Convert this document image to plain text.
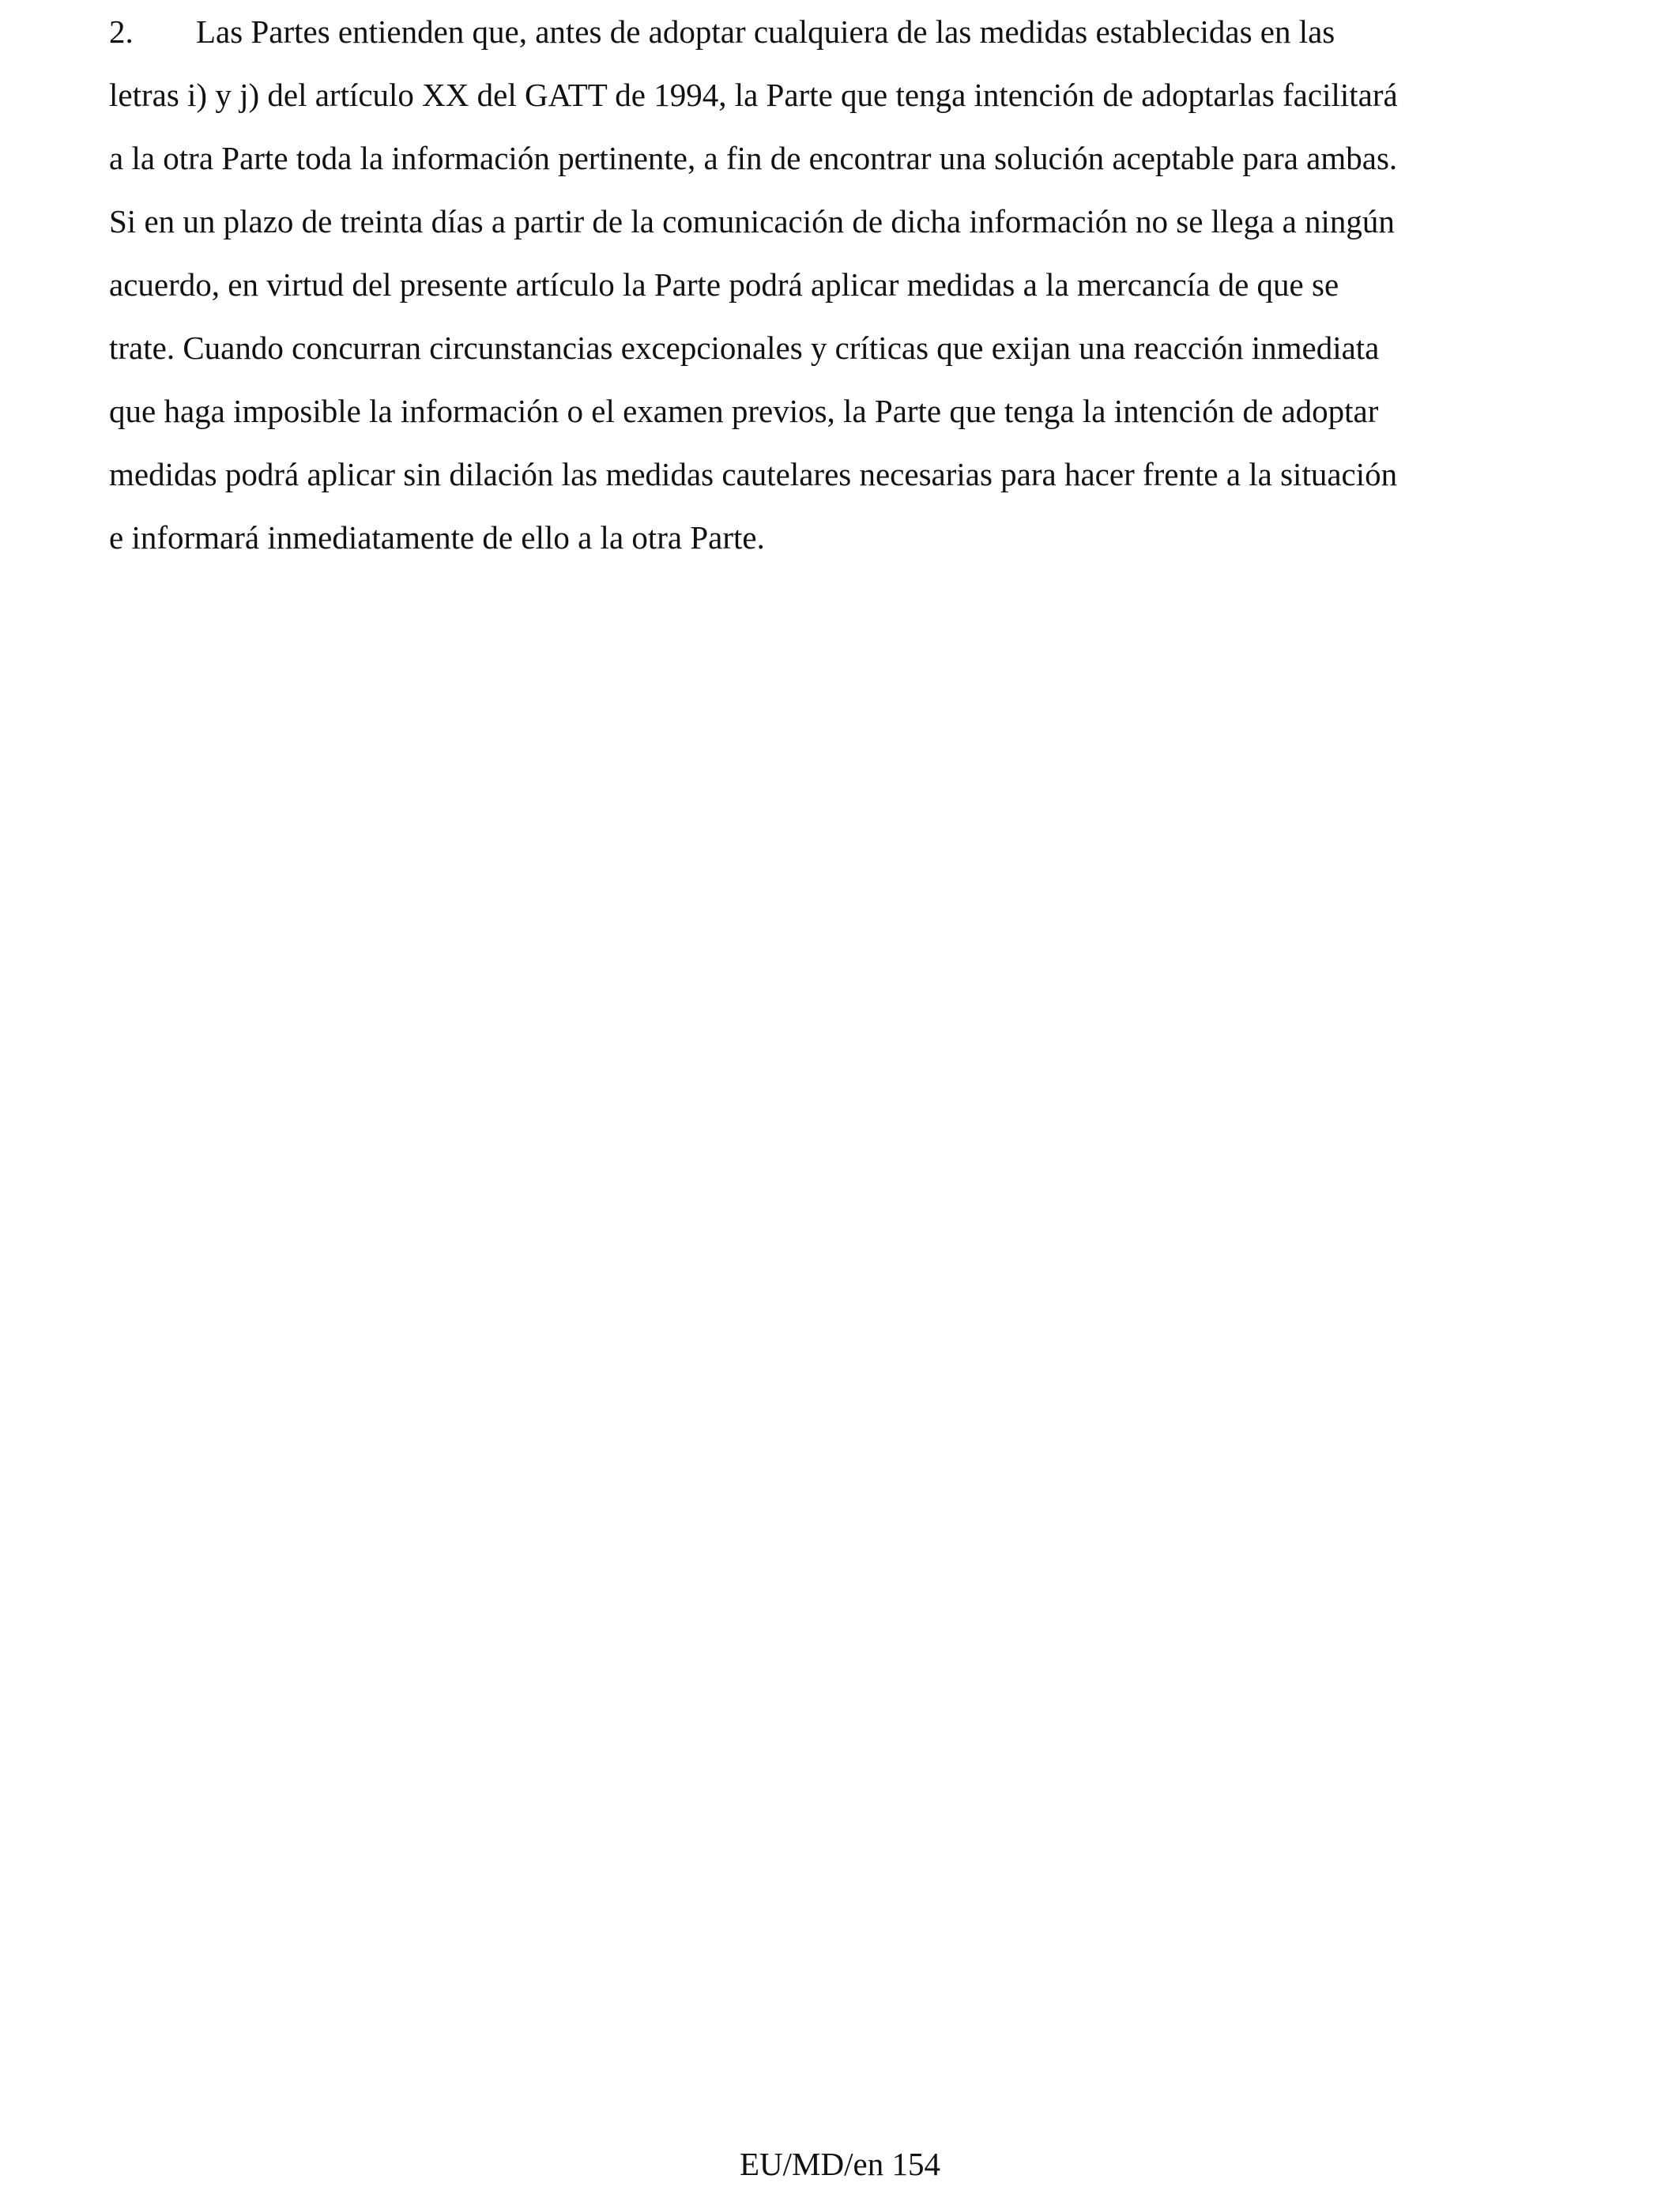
2. Las Partes entienden que, antes de adoptar cualquiera de las medidas establecidas en las
letras i) y j) del artículo XX del GATT de 1994, la Parte que tenga intención de adoptarlas facilitará
a la otra Parte toda la información pertinente, a fin de encontrar una solución aceptable para ambas.
Si en un plazo de treinta días a partir de la comunicación de dicha información no se llega a ningún
acuerdo, en virtud del presente artículo la Parte podrá aplicar medidas a la mercancía de que se
trate. Cuando concurran circunstancias excepcionales y críticas que exijan una reacción inmediata
que haga imposible la información o el examen previos, la Parte que tenga la intención de adoptar
medidas podrá aplicar sin dilación las medidas cautelares necesarias para hacer frente a la situación
e informará inmediatamente de ello a la otra Parte.
EU/MD/en 154
